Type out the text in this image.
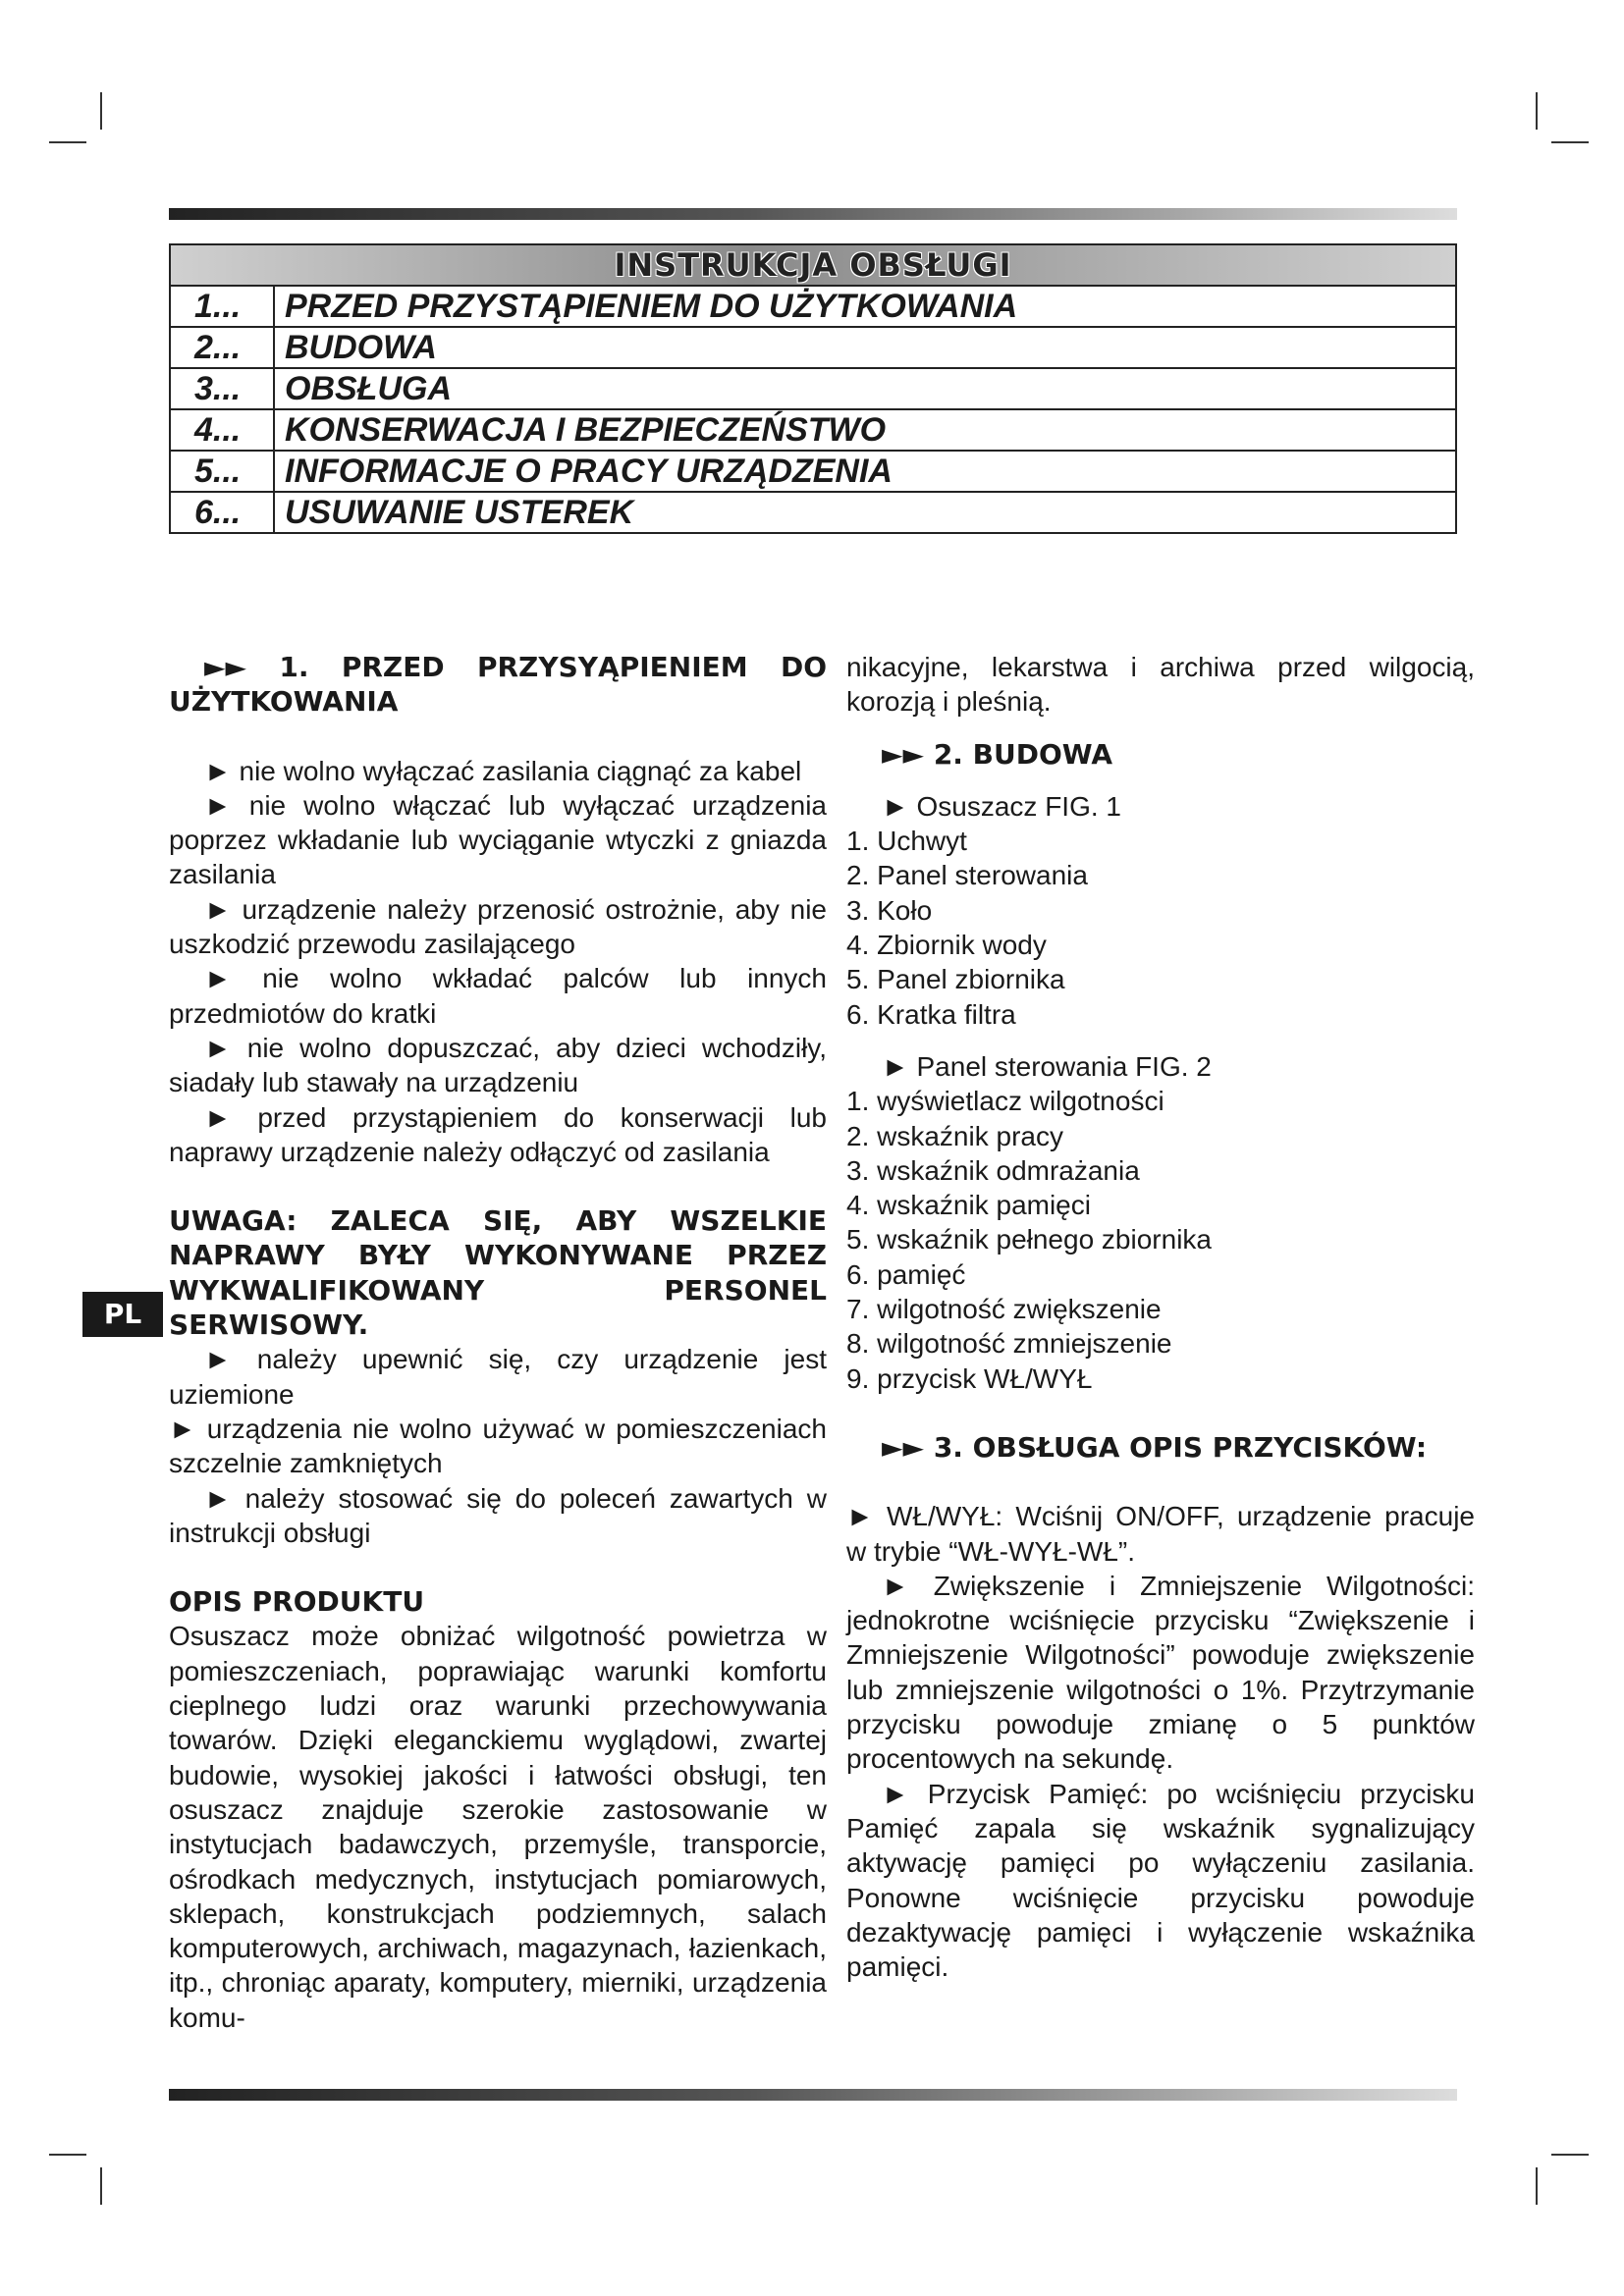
INSTRUKCJA OBSŁUGI	
1...	PRZED PRZYSTĄPIENIEM DO UŻYTKOWANIA
2...	BUDOWA
3...	OBSŁUGA
4...	KONSERWACJA I BEZPIECZEŃSTWO
5...	INFORMACJE O PRACY URZĄDZENIA
6...	USUWANIE USTEREK
PL

►► 1. PRZED PRZYSYĄPIENIEM DO UŻYTKOWANIA

► nie wolno wyłączać zasilania ciągnąć za kabel

► nie wolno włączać lub wyłączać urządzenia poprzez wkładanie lub wyciąganie wtyczki z gniazda zasilania

► urządzenie należy przenosić ostrożnie, aby nie uszkodzić przewodu zasilającego

► nie wolno wkładać palców lub innych przedmiotów do kratki

► nie wolno dopuszczać, aby dzieci wchodziły, siadały lub stawały na urządzeniu

► przed przystąpieniem do konserwacji lub naprawy urządzenie należy odłączyć od zasilania

UWAGA: ZALECA SIĘ, ABY WSZELKIE NAPRAWY BYŁY WYKONYWANE PRZEZ WYKWALIFIKOWANY PERSONEL SERWISOWY.

► należy upewnić się, czy urządzenie jest uziemione

► urządzenia nie wolno używać w pomieszczeniach szczelnie zamkniętych

► należy stosować się do poleceń zawartych w instrukcji obsługi

OPIS PRODUKTU

Osuszacz może obniżać wilgotność powietrza w pomieszczeniach, poprawiając warunki komfortu cieplnego ludzi oraz warunki przechowywania towarów. Dzięki eleganckiemu wyglądowi, zwartej budowie, wysokiej jakości i łatwości obsługi, ten osuszacz znajduje szerokie zastosowanie w instytucjach badawczych, przemyśle, transporcie, ośrodkach medycznych, instytucjach pomiarowych, sklepach, konstrukcjach podziemnych, salach komputerowych, archiwach, magazynach, łazienkach, itp., chroniąc aparaty, komputery, mierniki, urządzenia komu-

nikacyjne, lekarstwa i archiwa przed wilgocią, korozją i pleśnią.

►► 2. BUDOWA

► Osuszacz FIG. 1

1. Uchwyt

2. Panel sterowania

3. Koło

4. Zbiornik wody

5. Panel zbiornika

6. Kratka filtra

► Panel sterowania FIG. 2

1. wyświetlacz wilgotności

2. wskaźnik pracy

3. wskaźnik odmrażania

4. wskaźnik pamięci

5. wskaźnik pełnego zbiornika

6. pamięć

7. wilgotność zwiększenie

8. wilgotność zmniejszenie

9. przycisk WŁ/WYŁ

►► 3. OBSŁUGA OPIS PRZYCISKÓW:

► WŁ/WYŁ: Wciśnij ON/OFF, urządzenie pracuje w trybie “WŁ-WYŁ-WŁ”.

► Zwiększenie i Zmniejszenie Wilgotności: jednokrotne wciśnięcie przycisku “Zwiększenie i Zmniejszenie Wilgotności” powoduje zwiększenie lub zmniejszenie wilgotności o 1%. Przytrzymanie przycisku powoduje zmianę o 5 punktów procentowych na sekundę.

► Przycisk Pamięć: po wciśnięciu przycisku Pamięć zapala się wskaźnik sygnalizujący aktywację pamięci po wyłączeniu zasilania. Ponowne wciśnięcie przycisku powoduje dezaktywację pamięci i wyłączenie wskaźnika pamięci.
